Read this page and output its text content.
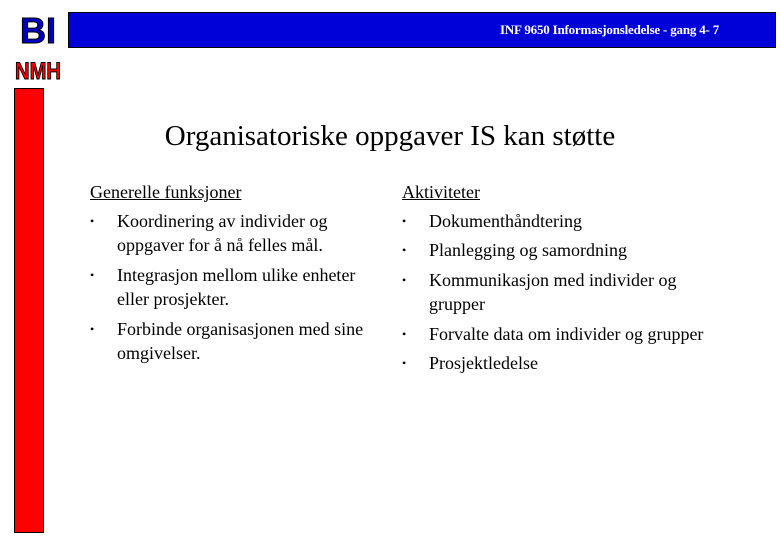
BI
NMH
INF 9650 Informasjonsledelse - gang 4- 7
Organisatoriske oppgaver IS kan støtte
Generelle funksjoner
• Koordinering av individer og oppgaver for å nå felles mål.
• Integrasjon mellom ulike enheter eller prosjekter.
• Forbinde organisasjonen med sine omgivelser.
Aktiviteter
• Dokumenthåndtering
• Planlegging og samordning
• Kommunikasjon med individer og grupper
• Forvalte data om individer og grupper
• Prosjektledelse
